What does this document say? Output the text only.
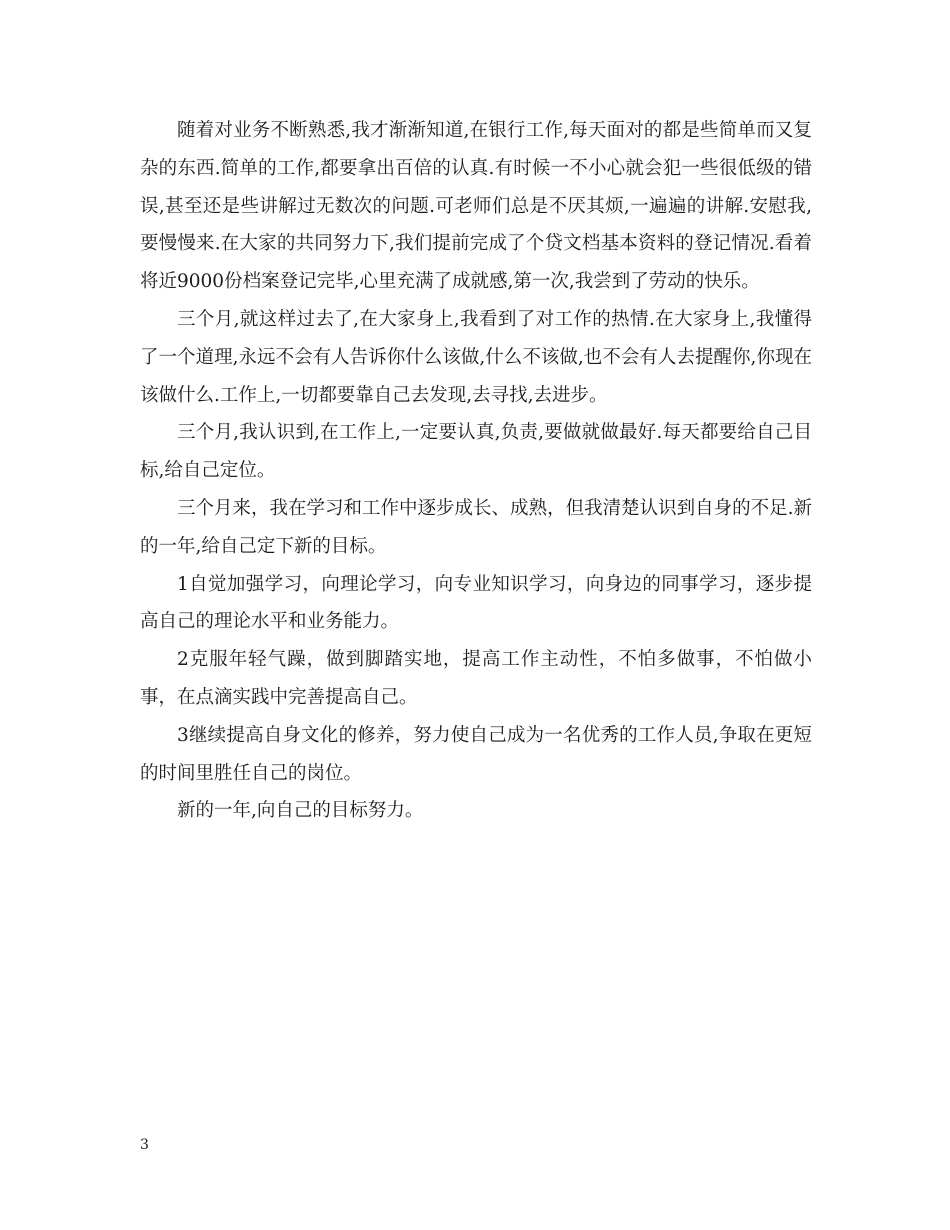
随着对业务不断熟悉,我才渐渐知道,在银行工作,每天面对的都是些简单而又复杂的东西.简单的工作,都要拿出百倍的认真.有时候一不小心就会犯一些很低级的错误,甚至还是些讲解过无数次的问题.可老师们总是不厌其烦,一遍遍的讲解.安慰我,要慢慢来.在大家的共同努力下,我们提前完成了个贷文档基本资料的登记情况.看着将近9000份档案登记完毕,心里充满了成就感,第一次,我尝到了劳动的快乐。

三个月,就这样过去了,在大家身上,我看到了对工作的热情.在大家身上,我懂得了一个道理,永远不会有人告诉你什么该做,什么不该做,也不会有人去提醒你,你现在该做什么.工作上,一切都要靠自己去发现,去寻找,去进步。

三个月,我认识到,在工作上,一定要认真,负责,要做就做最好.每天都要给自己目标,给自己定位。

三个月来，我在学习和工作中逐步成长、成熟，但我清楚认识到自身的不足.新的一年,给自己定下新的目标。

1自觉加强学习，向理论学习，向专业知识学习，向身边的同事学习，逐步提高自己的理论水平和业务能力。

2克服年轻气躁，做到脚踏实地，提高工作主动性，不怕多做事，不怕做小事，在点滴实践中完善提高自己。

3继续提高自身文化的修养，努力使自己成为一名优秀的工作人员,争取在更短的时间里胜任自己的岗位。

新的一年,向自己的目标努力。

3
